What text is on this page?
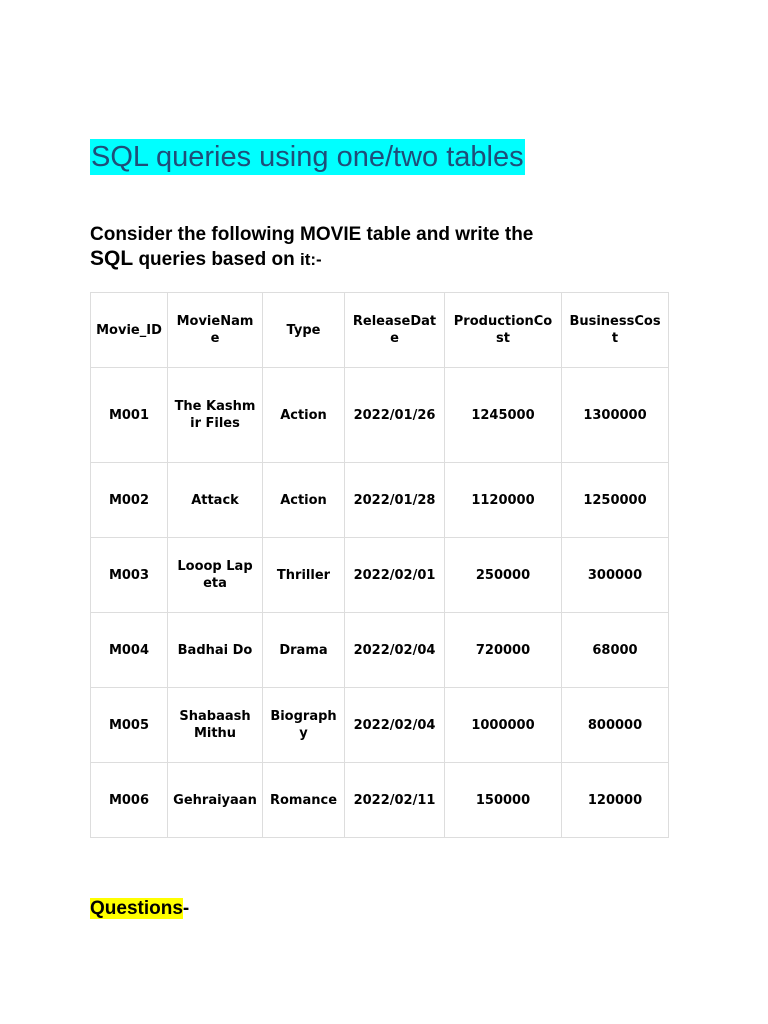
SQL queries using one/two tables

Consider the following MOVIE table and write the SQL queries based on it:-

Movie_ID	MovieName	Type	ReleaseDate	ProductionCost	BusinessCost
M001	The Kashmir Files	Action	2022/01/26	1245000	1300000
M002	Attack	Action	2022/01/28	1120000	1250000
M003	Looop Lapeta	Thriller	2022/02/01	250000	300000
M004	Badhai Do	Drama	2022/02/04	720000	68000
M005	Shabaash Mithu	Biography	2022/02/04	1000000	800000
M006	Gehraiyaan	Romance	2022/02/11	150000	120000

Questions-
